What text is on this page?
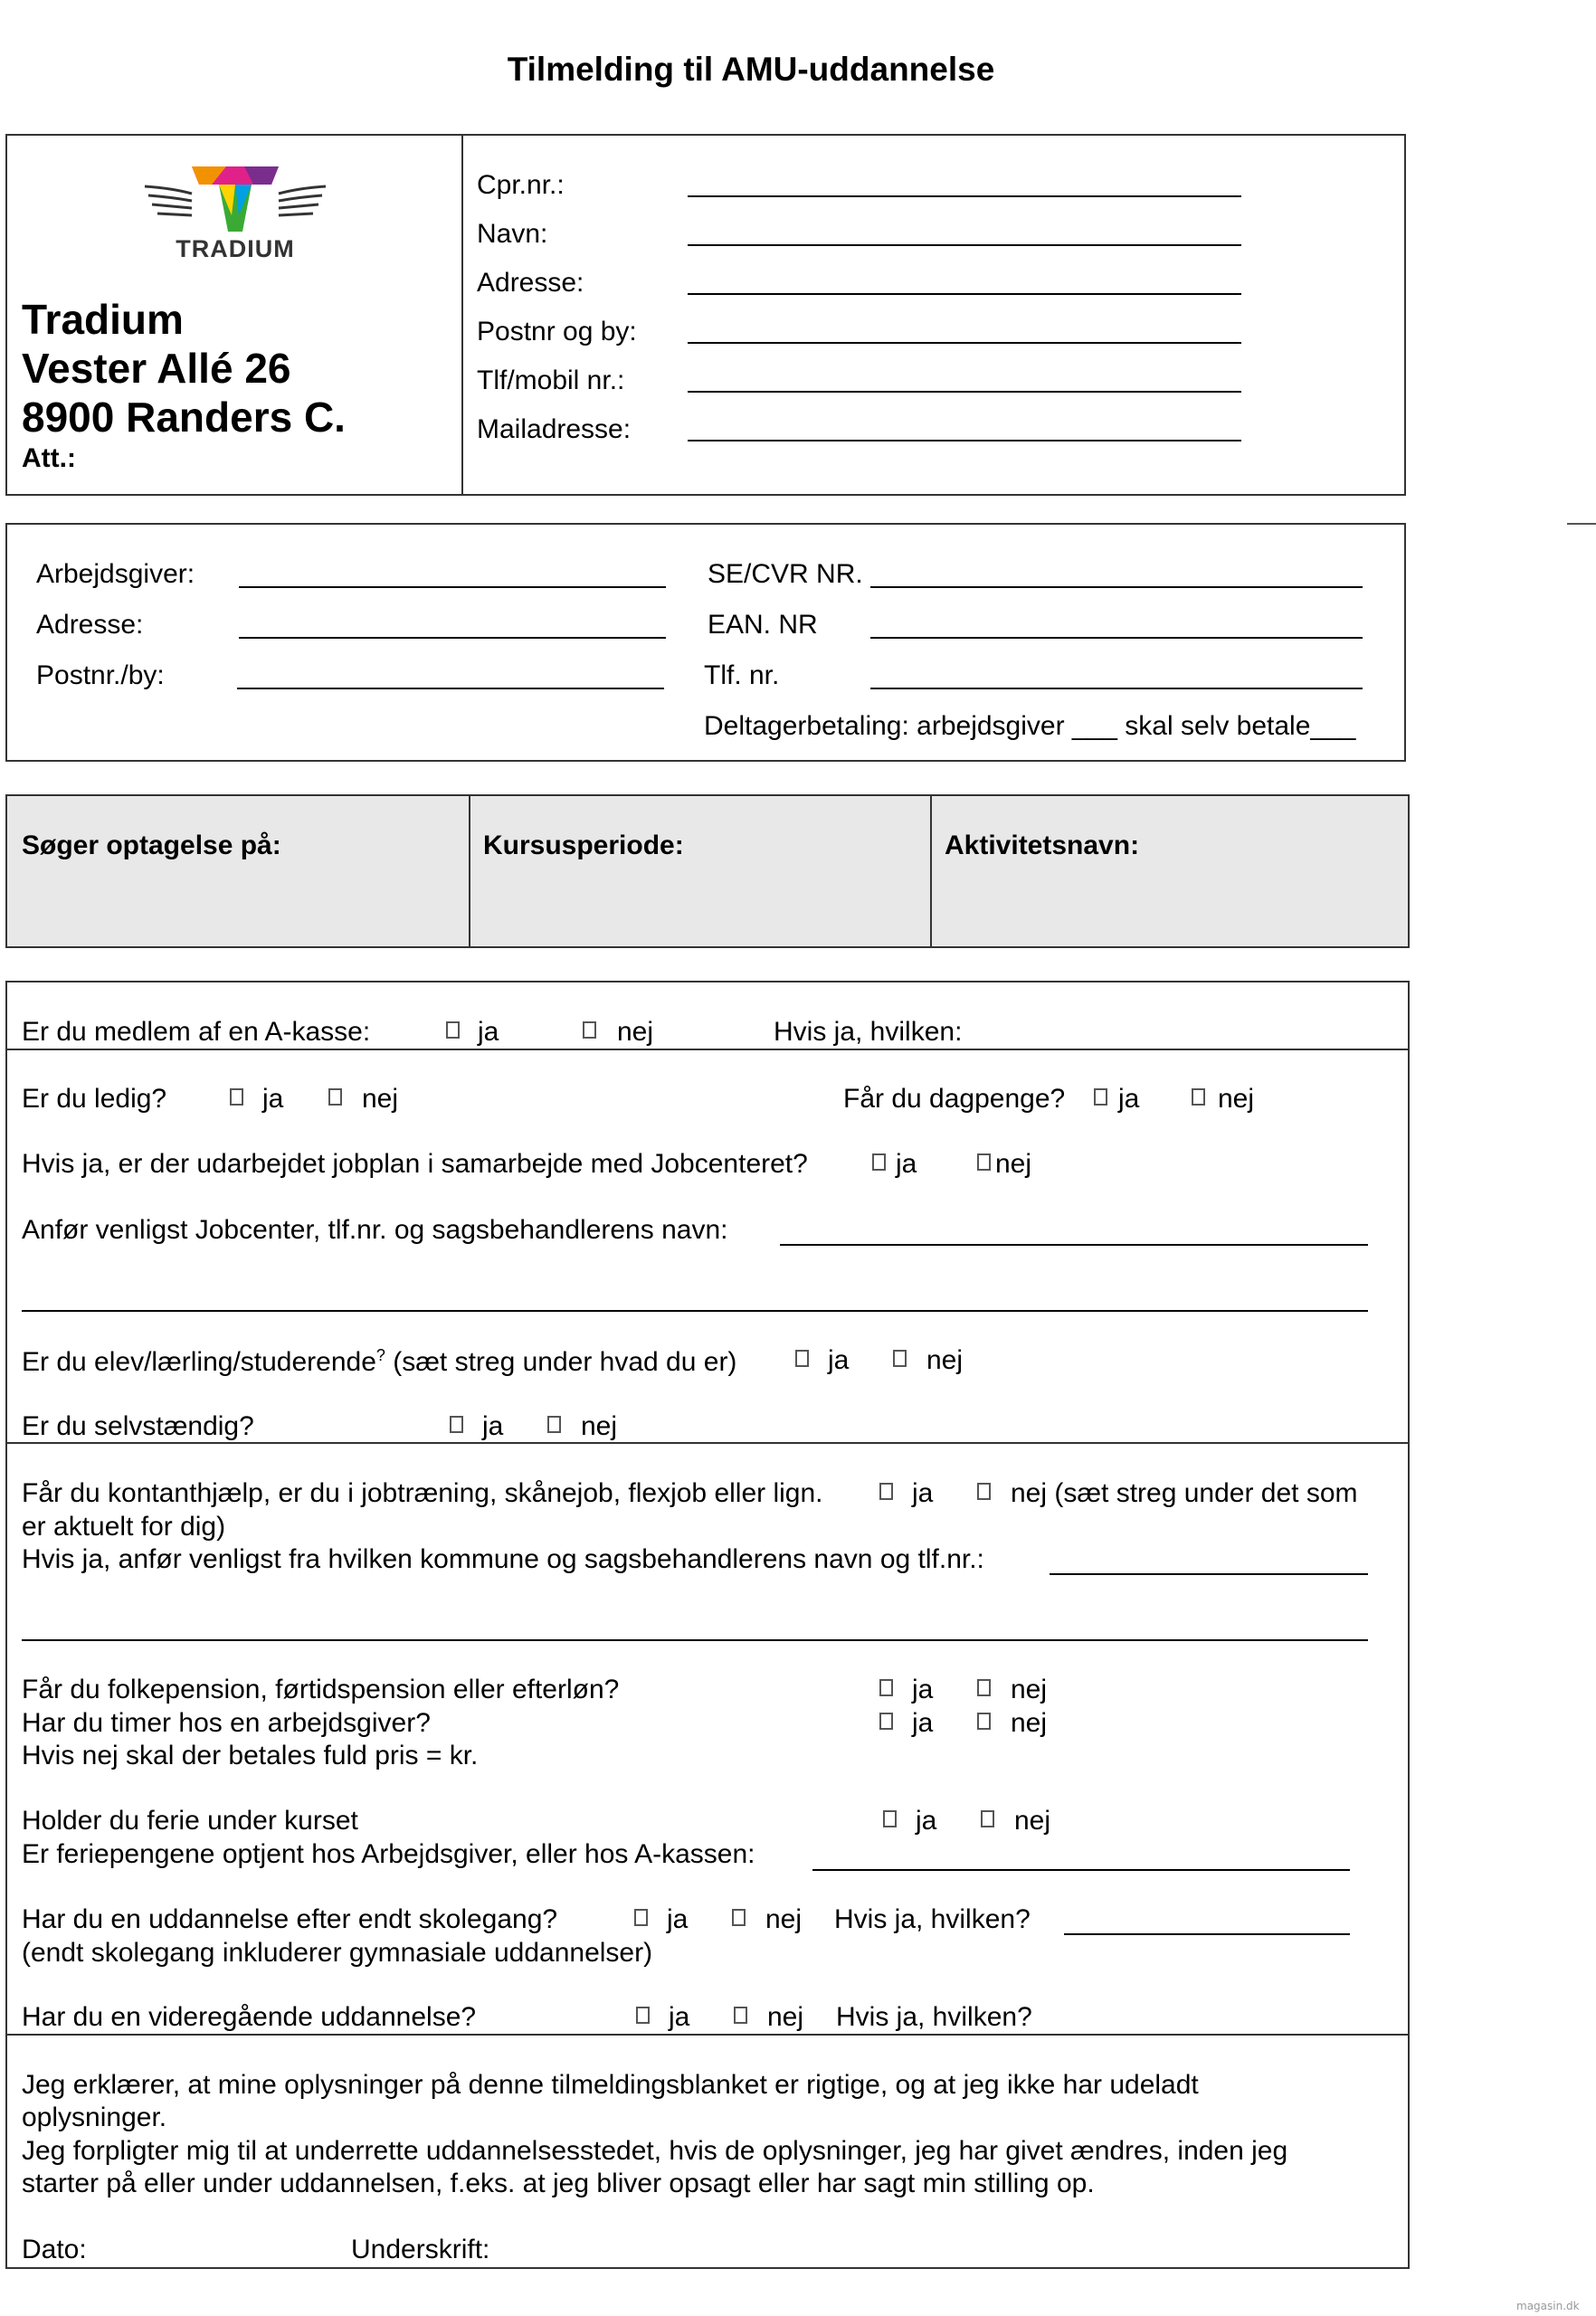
Tilmelding til AMU-uddannelse
TRADIUM
Tradium
Vester Allé 26
8900 Randers C.
Att.:
Cpr.nr.:
Navn:
Adresse:
Postnr og by:
Tlf/mobil nr.:
Mailadresse:
Arbejdsgiver:
Adresse:
Postnr./by:
SE/CVR NR.
EAN. NR
Tlf. nr.
Deltagerbetaling: arbejdsgiver ___ skal selv betale___
Søger optagelse på:	Kursusperiode:	Aktivitetsnavn:
Er du medlem af en A-kasse:	ja	nej	Hvis ja, hvilken:
Er du ledig?	ja	nej	Får du dagpenge? ja	nej
Hvis ja, er der udarbejdet jobplan i samarbejde med Jobcenteret?	ja	nej
Anfør venligst Jobcenter, tlf.nr. og sagsbehandlerens navn:
Er du elev/lærling/studerende? (sæt streg under hvad du er)	ja	nej
Er du selvstændig?	ja	nej
Får du kontanthjælp, er du i jobtræning, skånejob, flexjob eller lign.	ja	nej (sæt streg under det som
er aktuelt for dig)
Hvis ja, anfør venligst fra hvilken kommune og sagsbehandlerens navn og tlf.nr.:
Får du folkepension, førtidspension eller efterløn?	ja	nej
Har du timer hos en arbejdsgiver?	ja	nej
Hvis nej skal der betales fuld pris = kr.
Holder du ferie under kurset	ja	nej
Er feriepengene optjent hos Arbejdsgiver, eller hos A-kassen:
Har du en uddannelse efter endt skolegang?	ja	nej Hvis ja, hvilken?
(endt skolegang inkluderer gymnasiale uddannelser)
Har du en videregående uddannelse?	ja	nej Hvis ja, hvilken?
Jeg erklærer, at mine oplysninger på denne tilmeldingsblanket er rigtige, og at jeg ikke har udeladt
oplysninger.
Jeg forpligter mig til at underrette uddannelsesstedet, hvis de oplysninger, jeg har givet ændres, inden jeg
starter på eller under uddannelsen, f.eks. at jeg bliver opsagt eller har sagt min stilling op.
Dato:	Underskrift:
magasin.dk
